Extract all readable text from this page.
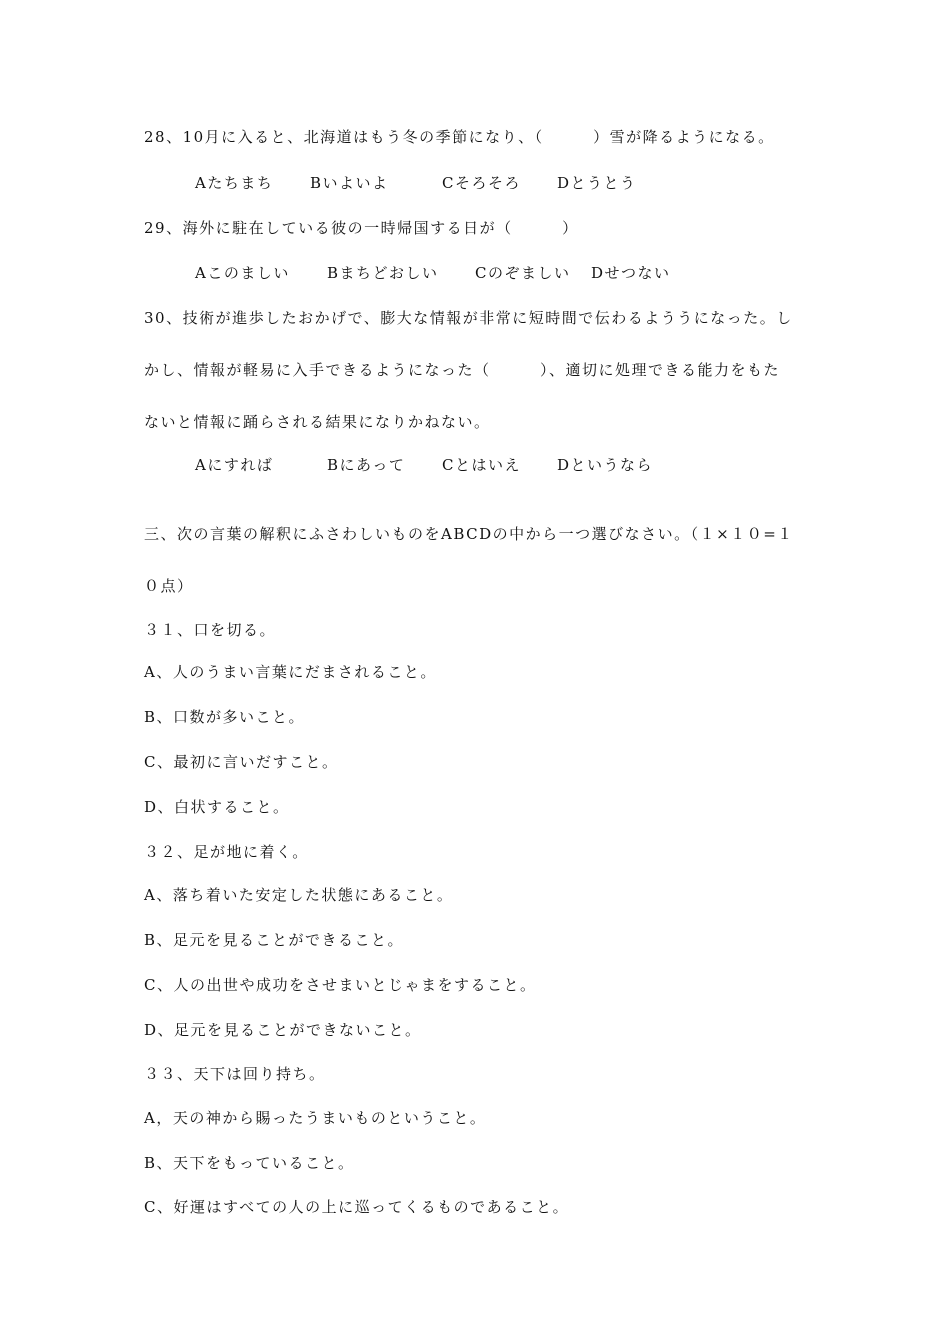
28、10月に入ると、北海道はもう冬の季節になり、（　　　）雪が降るようになる。
Aたちまち Bいよいよ	Cそろそろ Dとうとう
29、海外に駐在している彼の一時帰国する日が（　　　）
Aこのましい Bまちどおしい Cのぞましい Dせつない
30、技術が進歩したおかげで、膨大な情報が非常に短時間で伝わるよううになった。し
かし、情報が軽易に入手できるようになった（　　　）、適切に処理できる能力をもた
ないと情報に踊らされる結果になりかねない。
Aにすれば	Bにあって Cとはいえ Dというなら
三、次の言葉の解釈にふさわしいものをABCDの中から一つ選びなさい。（１×１０=１
０点）
３１、口を切る。
A、人のうまい言葉にだまされること。
B、口数が多いこと。
C、最初に言いだすこと。
D、白状すること。
３２、足が地に着く。
A、落ち着いた安定した状態にあること。
B、足元を見ることができること。
C、人の出世や成功をさせまいとじゃまをすること。
D、足元を見ることができないこと。
３３、天下は回り持ち。
A，天の神から賜ったうまいものということ。
B、天下をもっていること。
C、好運はすべての人の上に巡ってくるものであること。
